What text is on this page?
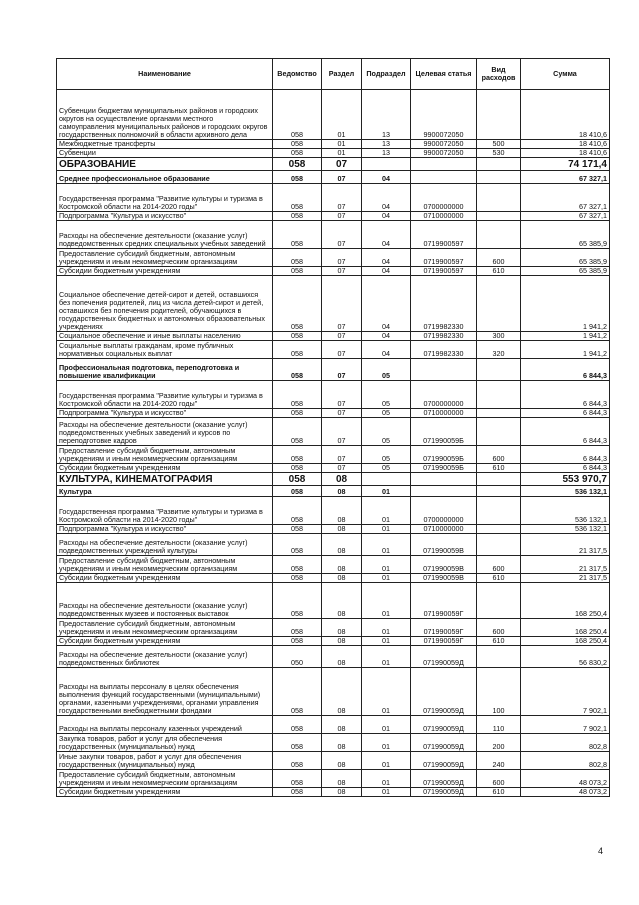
Наименование	Ведомство	Раздел	Подраздел	Целевая статья	Вид расходов	Сумма
Субвенции бюджетам муниципальных районов и городских округов на осуществление органами местного самоуправления муниципальных районов и городских округов государственных полномочий в области архивного дела	058	01	13	9900072050		18 410,6
Межбюджетные трансферты	058	01	13	9900072050	500	18 410,6
Субвенции	058	01	13	9900072050	530	18 410,6
ОБРАЗОВАНИЕ	058	07				74 171,4
Среднее профессиональное образование	058	07	04			67 327,1
Государственная программа "Развитие культуры и туризма в Костромской области на 2014-2020 годы"	058	07	04	0700000000		67 327,1
Подпрограмма "Культура и искусство"	058	07	04	0710000000		67 327,1
Расходы на обеспечение деятельности (оказание услуг) подведомственных средних специальных учебных заведений	058	07	04	0719900597		65 385,9
Предоставление субсидий бюджетным, автономным учреждениям и иным некоммерческим организациям	058	07	04	0719900597	600	65 385,9
Субсидии бюджетным учреждениям	058	07	04	0719900597	610	65 385,9
Социальное обеспечение детей-сирот и детей, оставшихся без попечения родителей, лиц из числа детей-сирот и детей, оставшихся без попечения родителей, обучающихся в государственных бюджетных и автономных образовательных учреждениях	058	07	04	0719982330		1 941,2
Социальное обеспечение и иные выплаты населению	058	07	04	0719982330	300	1 941,2
Социальные выплаты гражданам, кроме публичных нормативных социальных выплат	058	07	04	0719982330	320	1 941,2
Профессиональная подготовка, переподготовка и повышение квалификации	058	07	05			6 844,3
Государственная программа "Развитие культуры и туризма в Костромской области на 2014-2020 годы"	058	07	05	0700000000		6 844,3
Подпрограмма "Культура и искусство"	058	07	05	0710000000		6 844,3
Расходы на обеспечение деятельности (оказание услуг) подведомственных учебных заведений и курсов по переподготовке кадров	058	07	05	071990059Б		6 844,3
Предоставление субсидий бюджетным, автономным учреждениям и иным некоммерческим организациям	058	07	05	071990059Б	600	6 844,3
Субсидии бюджетным учреждениям	058	07	05	071990059Б	610	6 844,3
КУЛЬТУРА, КИНЕМАТОГРАФИЯ	058	08				553 970,7
Культура	058	08	01			536 132,1
Государственная программа "Развитие культуры и туризма в Костромской области на 2014-2020 годы"	058	08	01	0700000000		536 132,1
Подпрограмма "Культура и искусство"	058	08	01	0710000000		536 132,1
Расходы на обеспечение деятельности (оказание услуг) подведомственных учреждений культуры	058	08	01	071990059В		21 317,5
Предоставление субсидий бюджетным, автономным учреждениям и иным некоммерческим организациям	058	08	01	071990059В	600	21 317,5
Субсидии бюджетным учреждениям	058	08	01	071990059В	610	21 317,5
Расходы на обеспечение деятельности (оказание услуг) подведомственных музеев и постоянных выставок	058	08	01	071990059Г		168 250,4
Предоставление субсидий бюджетным, автономным учреждениям и иным некоммерческим организациям	058	08	01	071990059Г	600	168 250,4
Субсидии бюджетным учреждениям	058	08	01	071990059Г	610	168 250,4
Расходы на обеспечение деятельности (оказание услуг) подведомственных библиотек	050	08	01	071990059Д		56 830,2
Расходы на выплаты персоналу в целях обеспечения выполнения функций государственными (муниципальными) органами, казенными учреждениями, органами управления государственными внебюджетными фондами	058	08	01	071990059Д	100	7 902,1
Расходы на выплаты персоналу казенных учреждений	058	08	01	071990059Д	110	7 902,1
Закупка товаров, работ и услуг для обеспечения государственных (муниципальных) нужд	058	08	01	071990059Д	200	802,8
Иные закупки товаров, работ и услуг для обеспечения государственных (муниципальных) нужд	058	08	01	071990059Д	240	802,8
Предоставление субсидий бюджетным, автономным учреждениям и иным некоммерческим организациям	058	08	01	071990059Д	600	48 073,2
Субсидии бюджетным учреждениям	058	08	01	071990059Д	610	48 073,2
4
